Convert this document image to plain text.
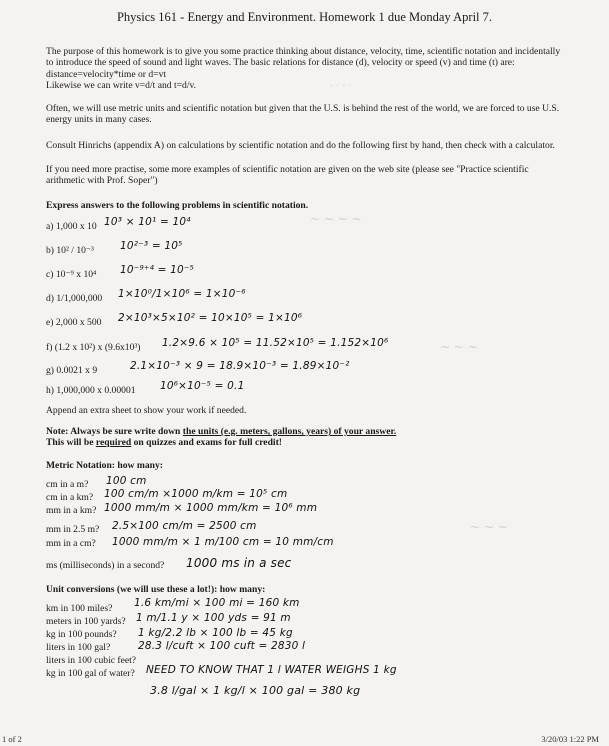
Physics 161 - Energy and Environment. Homework 1 due Monday April 7.
The purpose of this homework is to give you some practice thinking about distance, velocity, time, scientific notation and incidentally to introduce the speed of sound and light waves. The basic relations for distance (d), velocity or speed (v) and time (t) are: distance=velocity*time or d=vt
Likewise we can write v=d/t and t=d/v.
Often, we will use metric units and scientific notation but given that the U.S. is behind the rest of the world, we are forced to use U.S. energy units in many cases.
Consult Hinrichs (appendix A) on calculations by scientific notation and do the following first by hand, then check with a calculator.
If you need more practise, some more examples of scientific notation are given on the web site (please see "Practice scientific arithmetic with Prof. Soper")
. . . .
~ ~ ~ ~
~ ~ ~
~ ~ ~
Express answers to the following problems in scientific notation.
a) 1,000 x 10 10³ × 10¹ = 10⁴
b) 10² / 10⁻³ 10²⁻³ = 10⁵
c) 10⁻⁹ x 10⁴ 10⁻⁹⁺⁴ = 10⁻⁵
d) 1/1,000,000 1×10⁰/1×10⁶ = 1×10⁻⁶
e) 2,000 x 500 2×10³×5×10² = 10×10⁵ = 1×10⁶
f) (1.2 x 10²) x (9.6x10³) 1.2×9.6 × 10⁵ = 11.52×10⁵ = 1.152×10⁶
g) 0.0021 x 9	2.1×10⁻³ × 9 = 18.9×10⁻³ = 1.89×10⁻²
h) 1,000,000 x 0.00001 10⁶×10⁻⁵ = 0.1
Append an extra sheet to show your work if needed.
Note: Always be sure write down the units (e.g. meters, gallons, years) of your answer.
This will be required on quizzes and exams for full credit!
Metric Notation: how many:
cm in a m? 100 cm
cm in a km? 100 cm/m ×1000 m/km = 10⁵ cm
mm in a km? 1000 mm/m × 1000 mm/km = 10⁶ mm
mm in 2.5 m? 2.5×100 cm/m = 2500 cm
mm in a cm? 1000 mm/m × 1 m/100 cm = 10 mm/cm
ms (milliseconds) in a second? 1000 ms in a sec
Unit conversions (we will use these a lot!): how many:
km in 100 miles? 1.6 km/mi × 100 mi = 160 km
meters in 100 yards? 1 m/1.1 y × 100 yds = 91 m
kg in 100 pounds? 1 kg/2.2 lb × 100 lb = 45 kg
liters in 100 gal?	28.3 l/cuft × 100 cuft = 2830 l
liters in 100 cubic feet?
kg in 100 gal of water? NEED TO KNOW THAT 1 l WATER WEIGHS 1 kg
3.8 l/gal × 1 kg/l × 100 gal = 380 kg
1 of 2	3/20/03 1:22 PM
